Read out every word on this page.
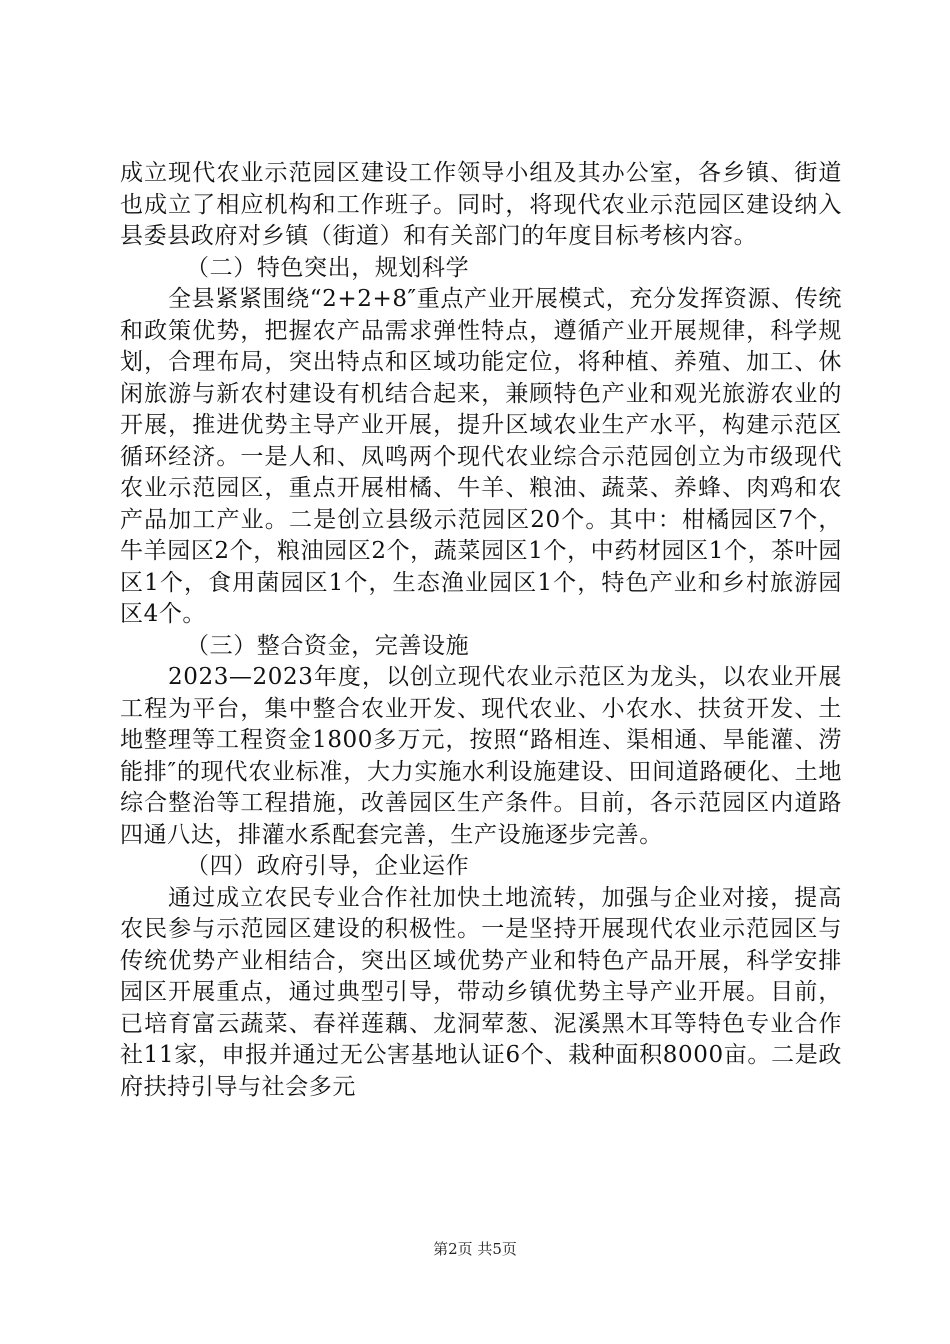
成立现代农业示范园区建设工作领导小组及其办公室，各乡镇、街道也成立了相应机构和工作班子。同时，将现代农业示范园区建设纳入县委县政府对乡镇（街道）和有关部门的年度目标考核内容。

（二）特色突出，规划科学

全县紧紧围绕“2+2+8″重点产业开展模式，充分发挥资源、传统和政策优势，把握农产品需求弹性特点，遵循产业开展规律，科学规划，合理布局，突出特点和区域功能定位，将种植、养殖、加工、休闲旅游与新农村建设有机结合起来，兼顾特色产业和观光旅游农业的开展，推进优势主导产业开展，提升区域农业生产水平，构建示范区循环经济。一是人和、凤鸣两个现代农业综合示范园创立为市级现代农业示范园区，重点开展柑橘、牛羊、粮油、蔬菜、养蜂、肉鸡和农产品加工产业。二是创立县级示范园区20个。其中：柑橘园区7个，牛羊园区2个，粮油园区2个，蔬菜园区1个，中药材园区1个，茶叶园区1个，食用菌园区1个，生态渔业园区1个，特色产业和乡村旅游园区4个。

（三）整合资金，完善设施

2023—2023年度，以创立现代农业示范区为龙头，以农业开展工程为平台，集中整合农业开发、现代农业、小农水、扶贫开发、土地整理等工程资金1800多万元，按照“路相连、渠相通、旱能灌、涝能排″的现代农业标准，大力实施水利设施建设、田间道路硬化、土地综合整治等工程措施，改善园区生产条件。目前，各示范园区内道路四通八达，排灌水系配套完善，生产设施逐步完善。

（四）政府引导，企业运作

通过成立农民专业合作社加快土地流转，加强与企业对接，提高农民参与示范园区建设的积极性。一是坚持开展现代农业示范园区与传统优势产业相结合，突出区域优势产业和特色产品开展，科学安排园区开展重点，通过典型引导，带动乡镇优势主导产业开展。目前，已培育富云蔬菜、春祥莲藕、龙洞荤葱、泥溪黑木耳等特色专业合作社11家，申报并通过无公害基地认证6个、栽种面积8000亩。二是政府扶持引导与社会多元

第2页 共5页
